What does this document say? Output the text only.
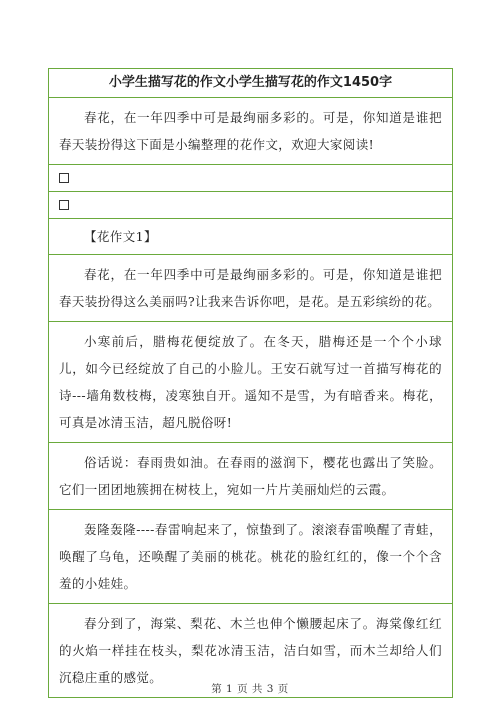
小学生描写花的作文小学生描写花的作文1450字
春花，在一年四季中可是最绚丽多彩的。可是，你知道是谁把春天装扮得这下面是小编整理的花作文，欢迎大家阅读!
【花作文1】
春花，在一年四季中可是最绚丽多彩的。可是，你知道是谁把春天装扮得这么美丽吗?让我来告诉你吧，是花。是五彩缤纷的花。
小寒前后，腊梅花便绽放了。在冬天，腊梅还是一个个小球儿，如今已经绽放了自己的小脸儿。王安石就写过一首描写梅花的诗---墙角数枝梅，凌寒独自开。遥知不是雪，为有暗香来。梅花，可真是冰清玉洁，超凡脱俗呀!
俗话说：春雨贵如油。在春雨的滋润下，樱花也露出了笑脸。它们一团团地簇拥在树枝上，宛如一片片美丽灿烂的云霞。
轰隆轰隆----春雷响起来了，惊蛰到了。滚滚春雷唤醒了青蛙，唤醒了乌龟，还唤醒了美丽的桃花。桃花的脸红红的，像一个个含羞的小娃娃。
春分到了，海棠、梨花、木兰也伸个懒腰起床了。海棠像红红的火焰一样挂在枝头，梨花冰清玉洁，洁白如雪，而木兰却给人们沉稳庄重的感觉。
第 1 页 共 3 页
